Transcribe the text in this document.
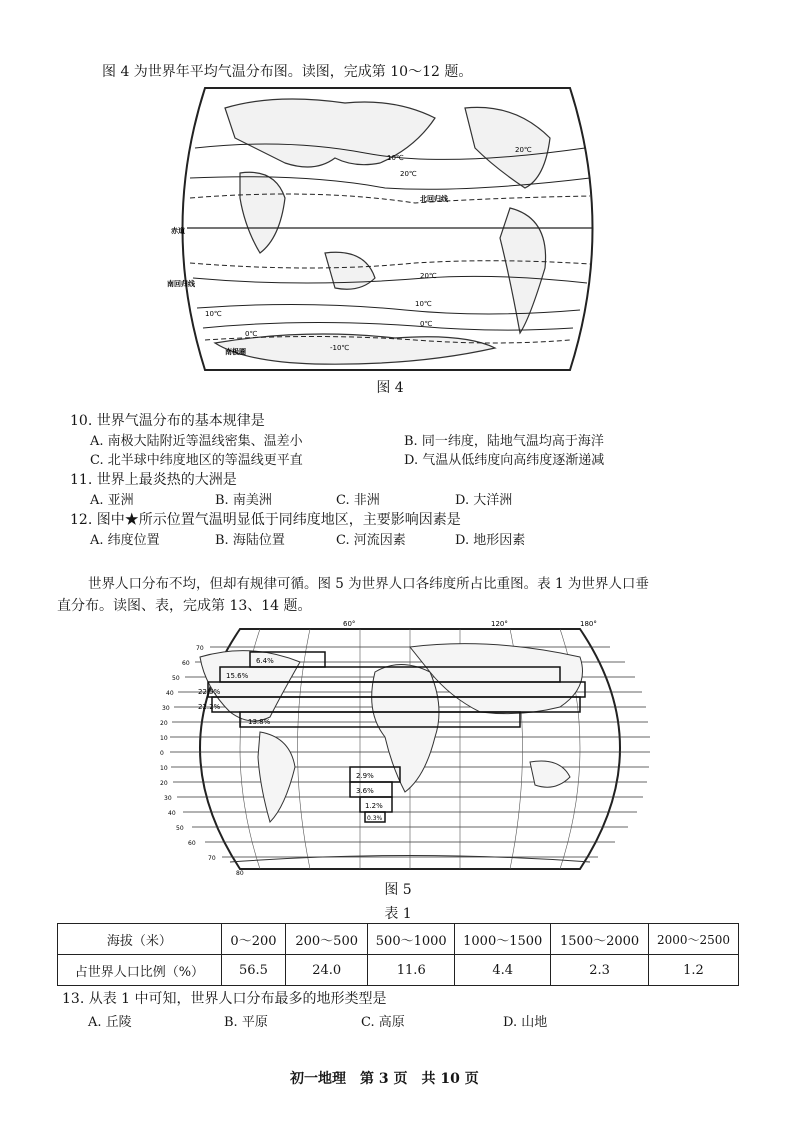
图 4 为世界年平均气温分布图。读图，完成第 10～12 题。
10℃
20℃
20℃
北回归线
赤道
南回归线
20℃
10℃
0℃
10℃
0℃
-10℃
南极圈
图 4
10. 世界气温分布的基本规律是
A. 南极大陆附近等温线密集、温差小	B. 同一纬度，陆地气温均高于海洋
C. 北半球中纬度地区的等温线更平直	D. 气温从低纬度向高纬度逐渐递减
11. 世界上最炎热的大洲是
A. 亚洲	B. 南美洲	C. 非洲	D. 大洋洲
12. 图中★所示位置气温明显低于同纬度地区，主要影响因素是
A. 纬度位置	B. 海陆位置	C. 河流因素	D. 地形因素
世界人口分布不均，但却有规律可循。图 5 为世界人口各纬度所占比重图。表 1 为世界人口垂
直分布。读图、表，完成第 13、14 题。
60°	120°	180°
6.4%
15.6%
22.5%
22.2%
13.8%
2.9%
3.6%
1.2%
0.3%
70
60
50
40
30
20
10
0
10
20
30
40
50
60
70
80
图 5
表 1
海拔（米）	0～200	200～500	500～1000	1000～1500	1500～2000	2000～2500
占世界人口比例（%）	56.5	24.0	11.6	4.4	2.3	1.2
13. 从表 1 中可知，世界人口分布最多的地形类型是
A. 丘陵	B. 平原	C. 高原	D. 山地
初一地理　第 3 页　共 10 页
